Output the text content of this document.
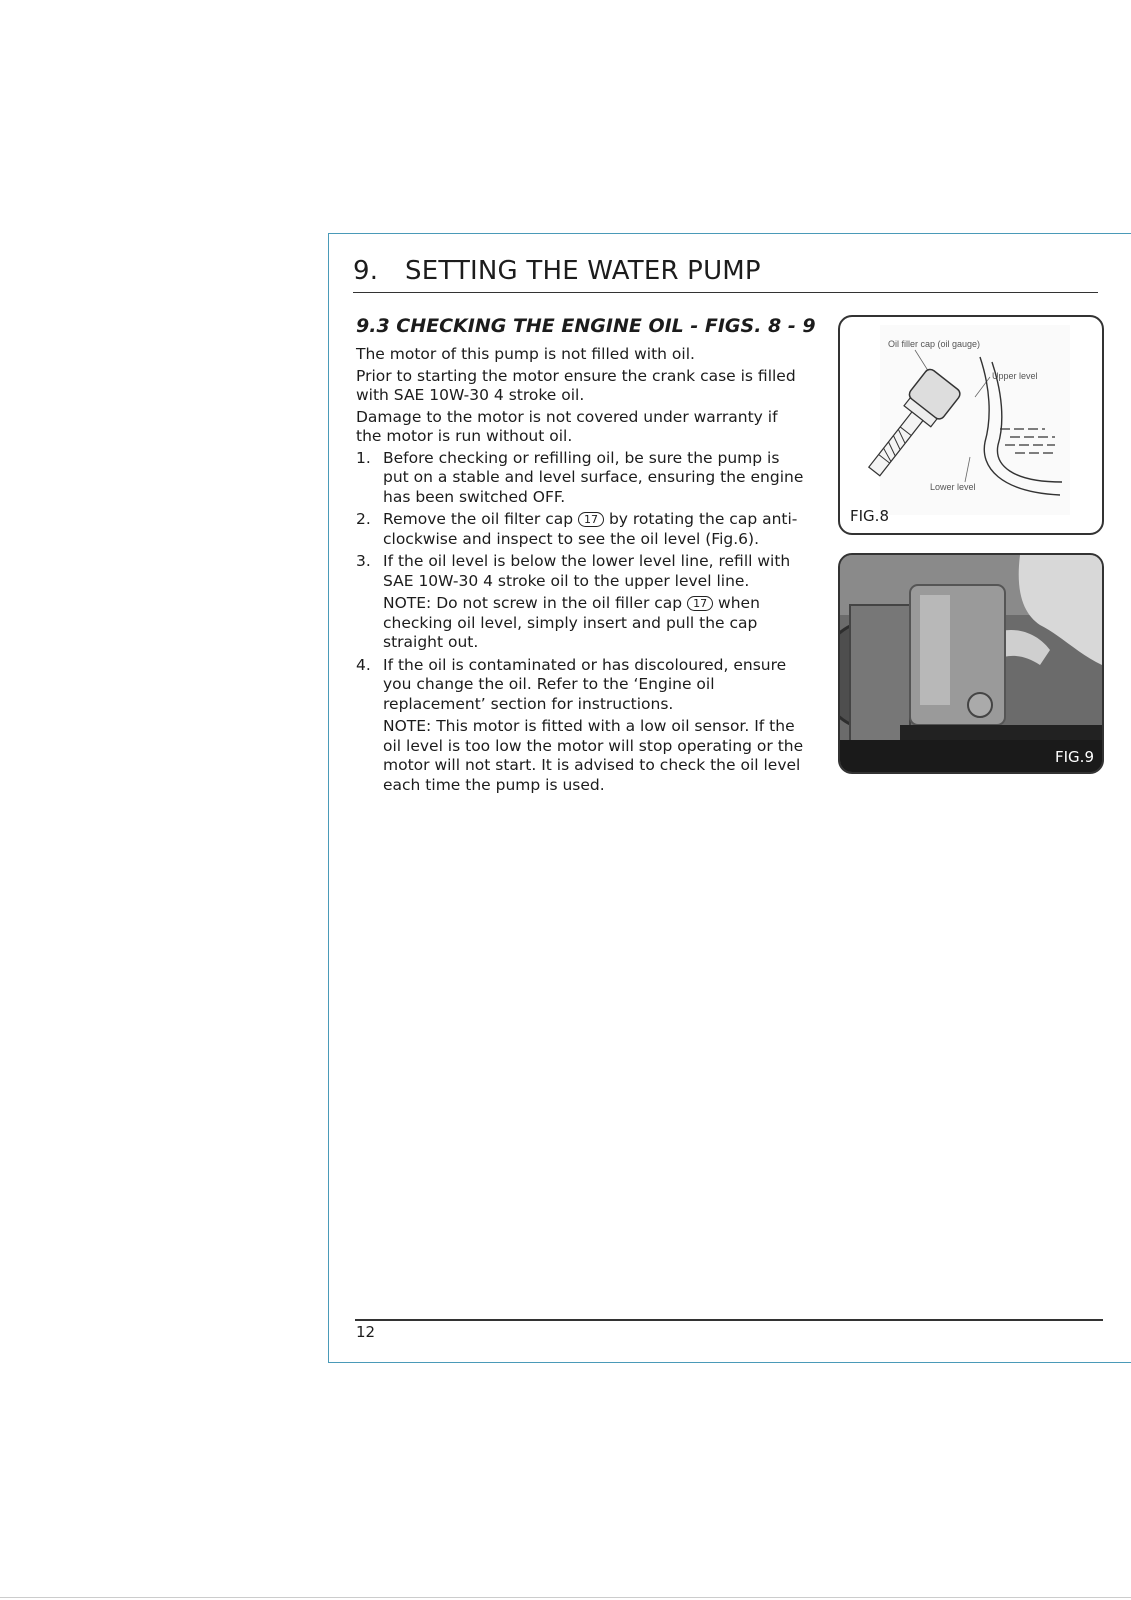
9. SETTING THE WATER PUMP
9.3 CHECKING THE ENGINE OIL - FIGS. 8 - 9

The motor of this pump is not filled with oil.

Prior to starting the motor ensure the crank case is filled with SAE 10W-30 4 stroke oil.

Damage to the motor is not covered under warranty if the motor is run without oil.

1. Before checking or refilling oil, be sure the pump is put on a stable and level surface, ensuring the engine has been switched OFF.

2. Remove the oil filter cap 17 by rotating the cap anti-clockwise and inspect to see the oil level (Fig.6).

3. If the oil level is below the lower level line, refill with SAE 10W-30 4 stroke oil to the upper level line.

NOTE: Do not screw in the oil filler cap 17 when checking oil level, simply insert and pull the cap straight out.

4. If the oil is contaminated or has discoloured, ensure you change the oil. Refer to the ‘Engine oil replacement’ section for instructions.

NOTE: This motor is fitted with a low oil sensor. If the oil level is too low the motor will stop operating or the motor will not start. It is advised to check the oil level each time the pump is used.

Oil filler cap (oil gauge)
Upper level
Lower level
FIG.8
FIG.9
12
